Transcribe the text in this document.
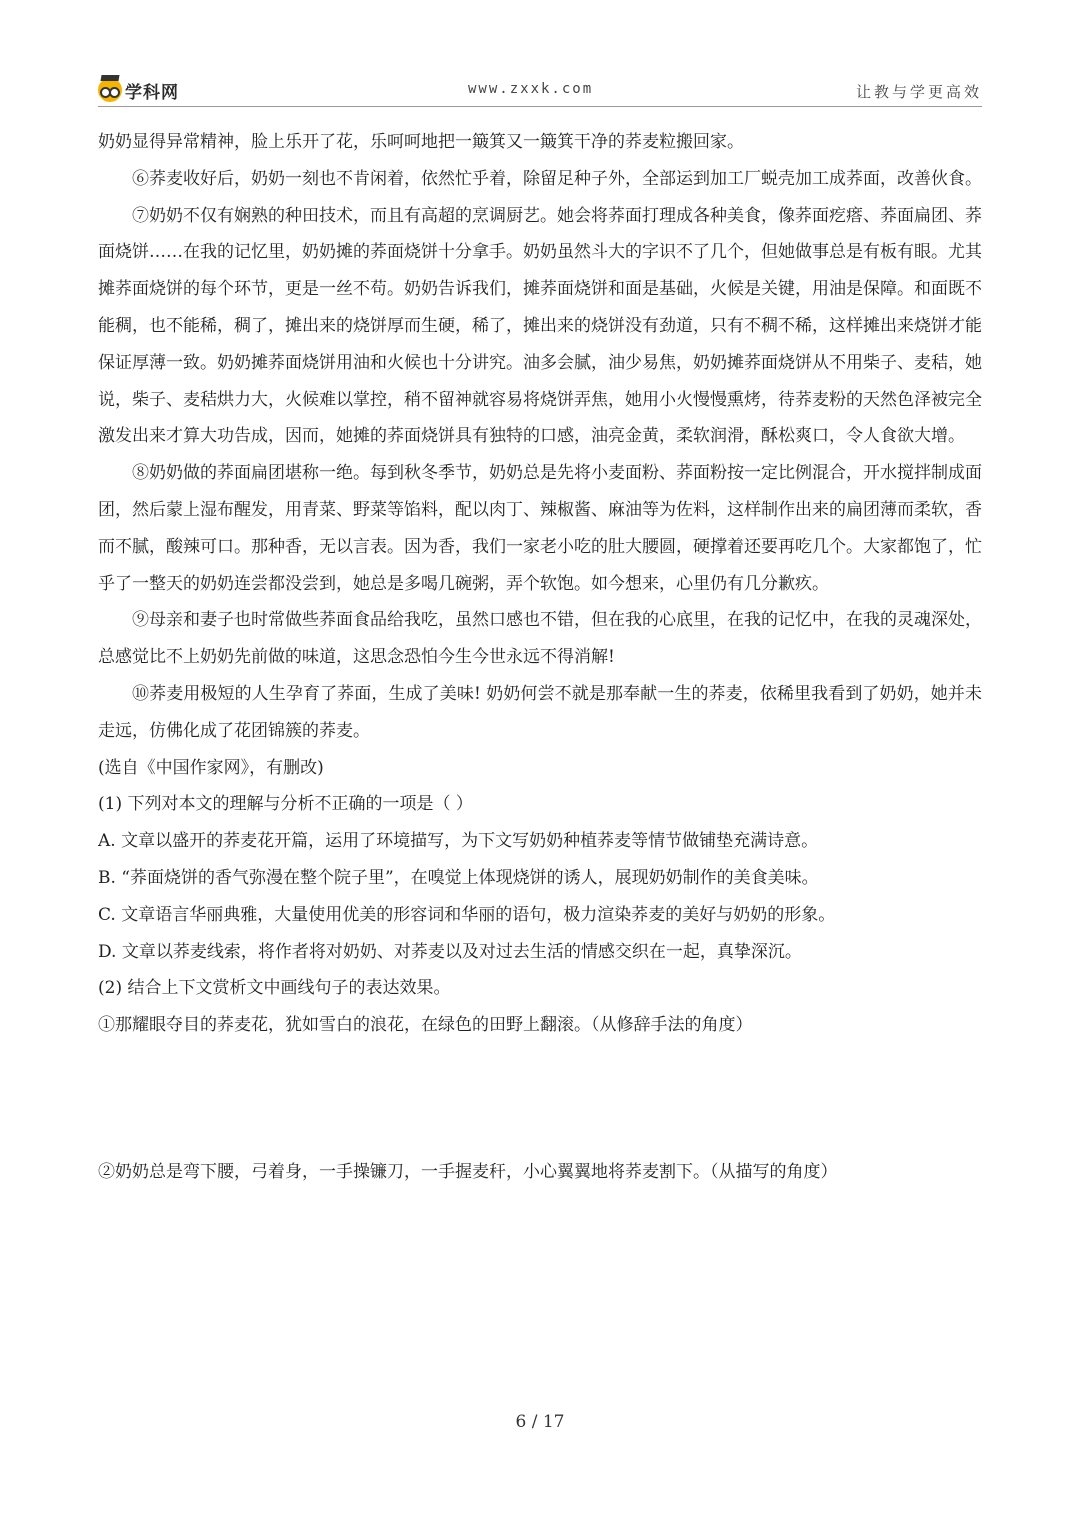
学科网	www.zxxk.com	让教与学更高效

奶奶显得异常精神，脸上乐开了花，乐呵呵地把一簸箕又一簸箕干净的荞麦粒搬回家。

⑥荞麦收好后，奶奶一刻也不肯闲着，依然忙乎着，除留足种子外，全部运到加工厂蜕壳加工成荞面，改善伙食。

⑦奶奶不仅有娴熟的种田技术，而且有高超的烹调厨艺。她会将荞面打理成各种美食，像荞面疙瘩、荞面扁团、荞面烧饼……在我的记忆里，奶奶摊的荞面烧饼十分拿手。奶奶虽然斗大的字识不了几个，但她做事总是有板有眼。尤其摊荞面烧饼的每个环节，更是一丝不苟。奶奶告诉我们，摊荞面烧饼和面是基础，火候是关键，用油是保障。和面既不能稠，也不能稀，稠了，摊出来的烧饼厚而生硬，稀了，摊出来的烧饼没有劲道，只有不稠不稀，这样摊出来烧饼才能保证厚薄一致。奶奶摊荞面烧饼用油和火候也十分讲究。油多会腻，油少易焦，奶奶摊荞面烧饼从不用柴子、麦秸，她说，柴子、麦秸烘力大，火候难以掌控，稍不留神就容易将烧饼弄焦，她用小火慢慢熏烤，待荞麦粉的天然色泽被完全激发出来才算大功告成，因而，她摊的荞面烧饼具有独特的口感，油亮金黄，柔软润滑，酥松爽口，令人食欲大增。

⑧奶奶做的荞面扁团堪称一绝。每到秋冬季节，奶奶总是先将小麦面粉、荞面粉按一定比例混合，开水搅拌制成面团，然后蒙上湿布醒发，用青菜、野菜等馅料，配以肉丁、辣椒酱、麻油等为佐料，这样制作出来的扁团薄而柔软，香而不腻，酸辣可口。那种香，无以言表。因为香，我们一家老小吃的肚大腰圆，硬撑着还要再吃几个。大家都饱了，忙乎了一整天的奶奶连尝都没尝到，她总是多喝几碗粥，弄个软饱。如今想来，心里仍有几分歉疚。

⑨母亲和妻子也时常做些荞面食品给我吃，虽然口感也不错，但在我的心底里，在我的记忆中，在我的灵魂深处，总感觉比不上奶奶先前做的味道，这思念恐怕今生今世永远不得消解!

⑩荞麦用极短的人生孕育了荞面，生成了美味! 奶奶何尝不就是那奉献一生的荞麦，依稀里我看到了奶奶，她并未走远，仿佛化成了花团锦簇的荞麦。

(选自《中国作家网》，有删改)

(1) 下列对本文的理解与分析不正确的一项是（ ）

A. 文章以盛开的荞麦花开篇，运用了环境描写，为下文写奶奶种植荞麦等情节做铺垫充满诗意。

B. “荞面烧饼的香气弥漫在整个院子里”，在嗅觉上体现烧饼的诱人，展现奶奶制作的美食美味。

C. 文章语言华丽典雅，大量使用优美的形容词和华丽的语句，极力渲染荞麦的美好与奶奶的形象。

D. 文章以荞麦线索，将作者将对奶奶、对荞麦以及对过去生活的情感交织在一起，真挚深沉。

(2) 结合上下文赏析文中画线句子的表达效果。

①那耀眼夺目的荞麦花，犹如雪白的浪花，在绿色的田野上翻滚。（从修辞手法的角度）

②奶奶总是弯下腰，弓着身，一手操镰刀，一手握麦秆，小心翼翼地将荞麦割下。（从描写的角度）

6 / 17
